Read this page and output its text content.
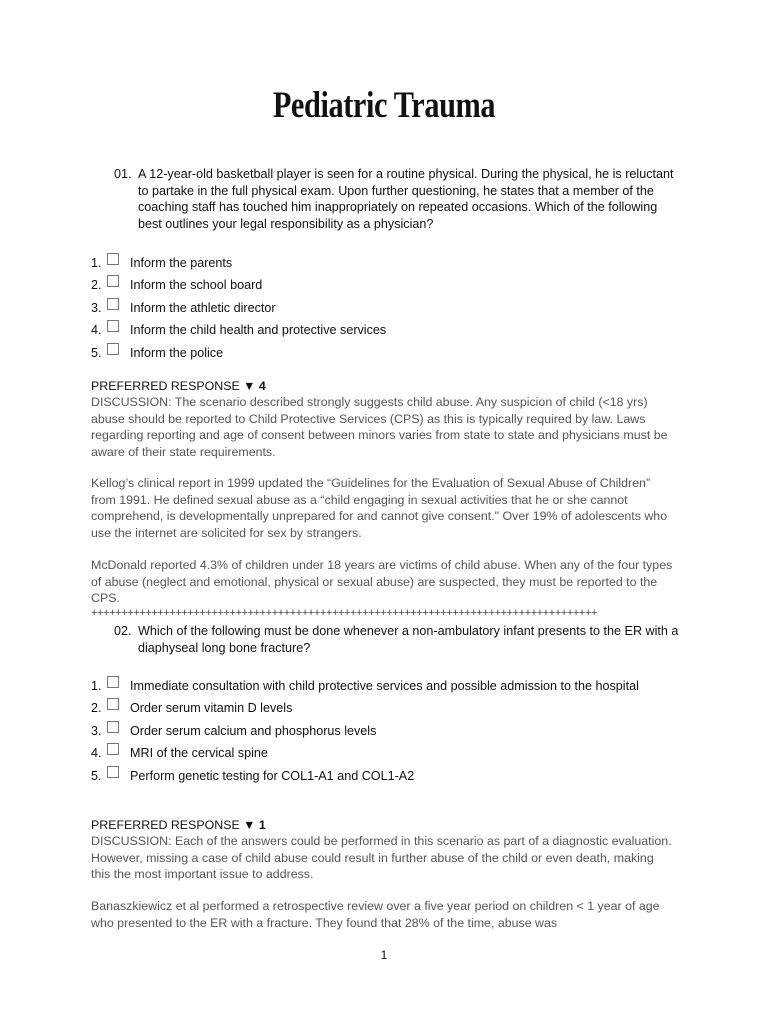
Pediatric Trauma
01. A 12-year-old basketball player is seen for a routine physical. During the physical, he is reluctant to partake in the full physical exam. Upon further questioning, he states that a member of the coaching staff has touched him inappropriately on repeated occasions. Which of the following best outlines your legal responsibility as a physician?
1.	Inform the parents
2.	Inform the school board
3.	Inform the athletic director
4.	Inform the child health and protective services
5.	Inform the police
PREFERRED RESPONSE ▼ 4
DISCUSSION: The scenario described strongly suggests child abuse. Any suspicion of child (<18 yrs) abuse should be reported to Child Protective Services (CPS) as this is typically required by law. Laws regarding reporting and age of consent between minors varies from state to state and physicians must be aware of their state requirements.
Kellog’s clinical report in 1999 updated the “Guidelines for the Evaluation of Sexual Abuse of Children” from 1991. He defined sexual abuse as a “child engaging in sexual activities that he or she cannot comprehend, is developmentally unprepared for and cannot give consent." Over 19% of adolescents who use the internet are solicited for sex by strangers.
McDonald reported 4.3% of children under 18 years are victims of child abuse. When any of the four types of abuse (neglect and emotional, physical or sexual abuse) are suspected, they must be reported to the CPS.
++++++++++++++++++++++++++++++++++++++++++++++++++++++++++++++++++++++++++++++++++++
02. Which of the following must be done whenever a non-ambulatory infant presents to the ER with a diaphyseal long bone fracture?
1.	Immediate consultation with child protective services and possible admission to the hospital
2.	Order serum vitamin D levels
3.	Order serum calcium and phosphorus levels
4.	MRI of the cervical spine
5.	Perform genetic testing for COL1-A1 and COL1-A2
PREFERRED RESPONSE ▼ 1
DISCUSSION: Each of the answers could be performed in this scenario as part of a diagnostic evaluation. However, missing a case of child abuse could result in further abuse of the child or even death, making this the most important issue to address.
Banaszkiewicz et al performed a retrospective review over a five year period on children < 1 year of age who presented to the ER with a fracture. They found that 28% of the time, abuse was
1
